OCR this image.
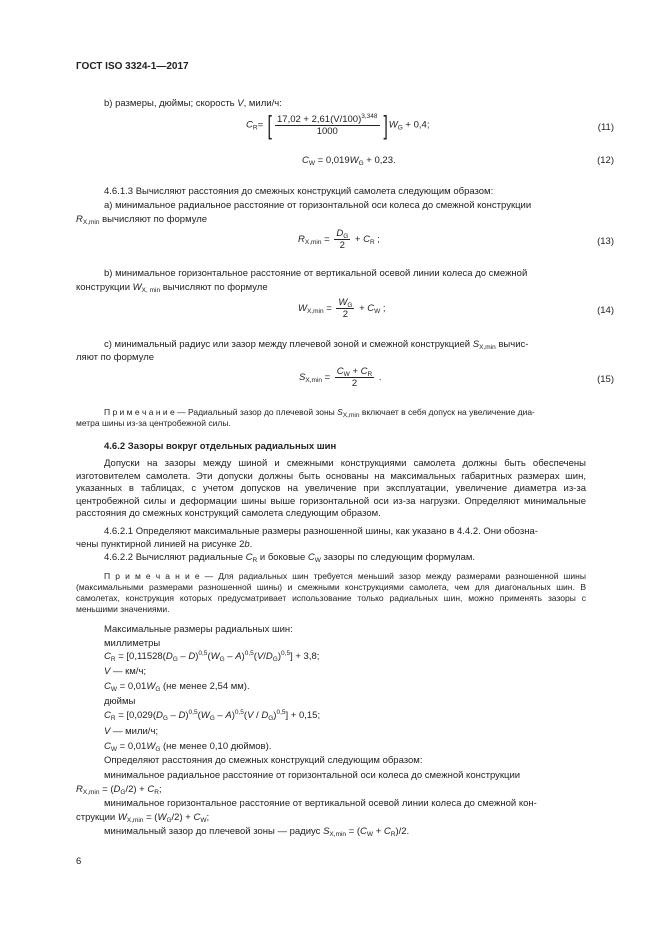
ГОСТ ISO 3324-1—2017
b) размеры, дюймы; скорость V, мили/ч:
$C_R=$ [ $\frac{17,02 + 2,61(V/100)^{3,348}}{1000} ]W_G + 0,4$;	(11)
$C_W = 0,019W_G + 0,23$.	(12)
4.6.1.3 Вычисляют расстояния до смежных конструкций самолета следующим образом:
а) минимальное радиальное расстояние от горизонтальной оси колеса до смежной конструкции
$R_{X,min}$ вычисляют по формуле
$R_{X,min} = \frac{D_G}{2} + C_R$ ;	(13)
b) минимальное горизонтальное расстояние от вертикальной осевой линии колеса до смежной
конструкции $W_{X, min}$ вычисляют по формуле
$W_{X,min} = \frac{W_G}{2} + C_W$ ;	(14)
с) минимальный радиус или зазор между плечевой зоной и смежной конструкцией $S_{X,min}$ вычис-
ляют по формуле
$S_{X,min} = \frac{C_W + C_R}{2}$ .	(15)
П р и м е ч а н и е — Радиальный зазор до плечевой зоны $S_{X,min}$ включает в себя допуск на увеличение диа-
метра шины из-за центробежной силы.
4.6.2 Зазоры вокруг отдельных радиальных шин
Допуски на зазоры между шиной и смежными конструкциями самолета должны быть обеспечены изготовителем самолета. Эти допуски должны быть основаны на максимальных габаритных размерах шин, указанных в таблицах, с учетом допусков на увеличение при эксплуатации, увеличение диаметра из-за центробежной силы и деформации шины выше горизонтальной оси из-за нагрузки. Определяют минимальные расстояния до смежных конструкций самолета следующим образом.
4.6.2.1 Определяют максимальные размеры разношенной шины, как указано в 4.4.2. Они обозна-
чены пунктирной линией на рисунке 2b.
4.6.2.2 Вычисляют радиальные $C_R$ и боковые $C_W$ зазоры по следующим формулам.
П р и м е ч а н и е — Для радиальных шин требуется меньший зазор между размерами разношенной шины (максимальными размерами разношенной шины) и смежными конструкциями самолета, чем для диагональных шин. В самолетах, конструкция которых предусматривает использование только радиальных шин, можно применять зазоры с меньшими значениями.
Максимальные размеры радиальных шин:
миллиметры
$C_R = [0,11528(D_G - D)^{0,5}(W_G - A)^{0,5}(V/D_G)^{0,5}] + 3,8$;
V — км/ч;
$C_W = 0,01W_G$ (не менее 2,54 мм).
дюймы
$C_R = [0,029(D_G - D)^{0,5}(W_G - A)^{0,5}(V / D_G)^{0,5}] + 0,15$;
V — мили/ч;
$C_W = 0,01W_G$ (не менее 0,10 дюймов).
Определяют расстояния до смежных конструкций следующим образом:
минимальное радиальное расстояние от горизонтальной оси колеса до смежной конструкции
$R_{X,min} = (D_G/2) + C_R$;
минимальное горизонтальное расстояние от вертикальной осевой линии колеса до смежной кон-
струкции $W_{X,min} = (W_G/2) + C_W$;
минимальный зазор до плечевой зоны — радиус $S_{X,min} = (C_W + C_R)/2$.
6
